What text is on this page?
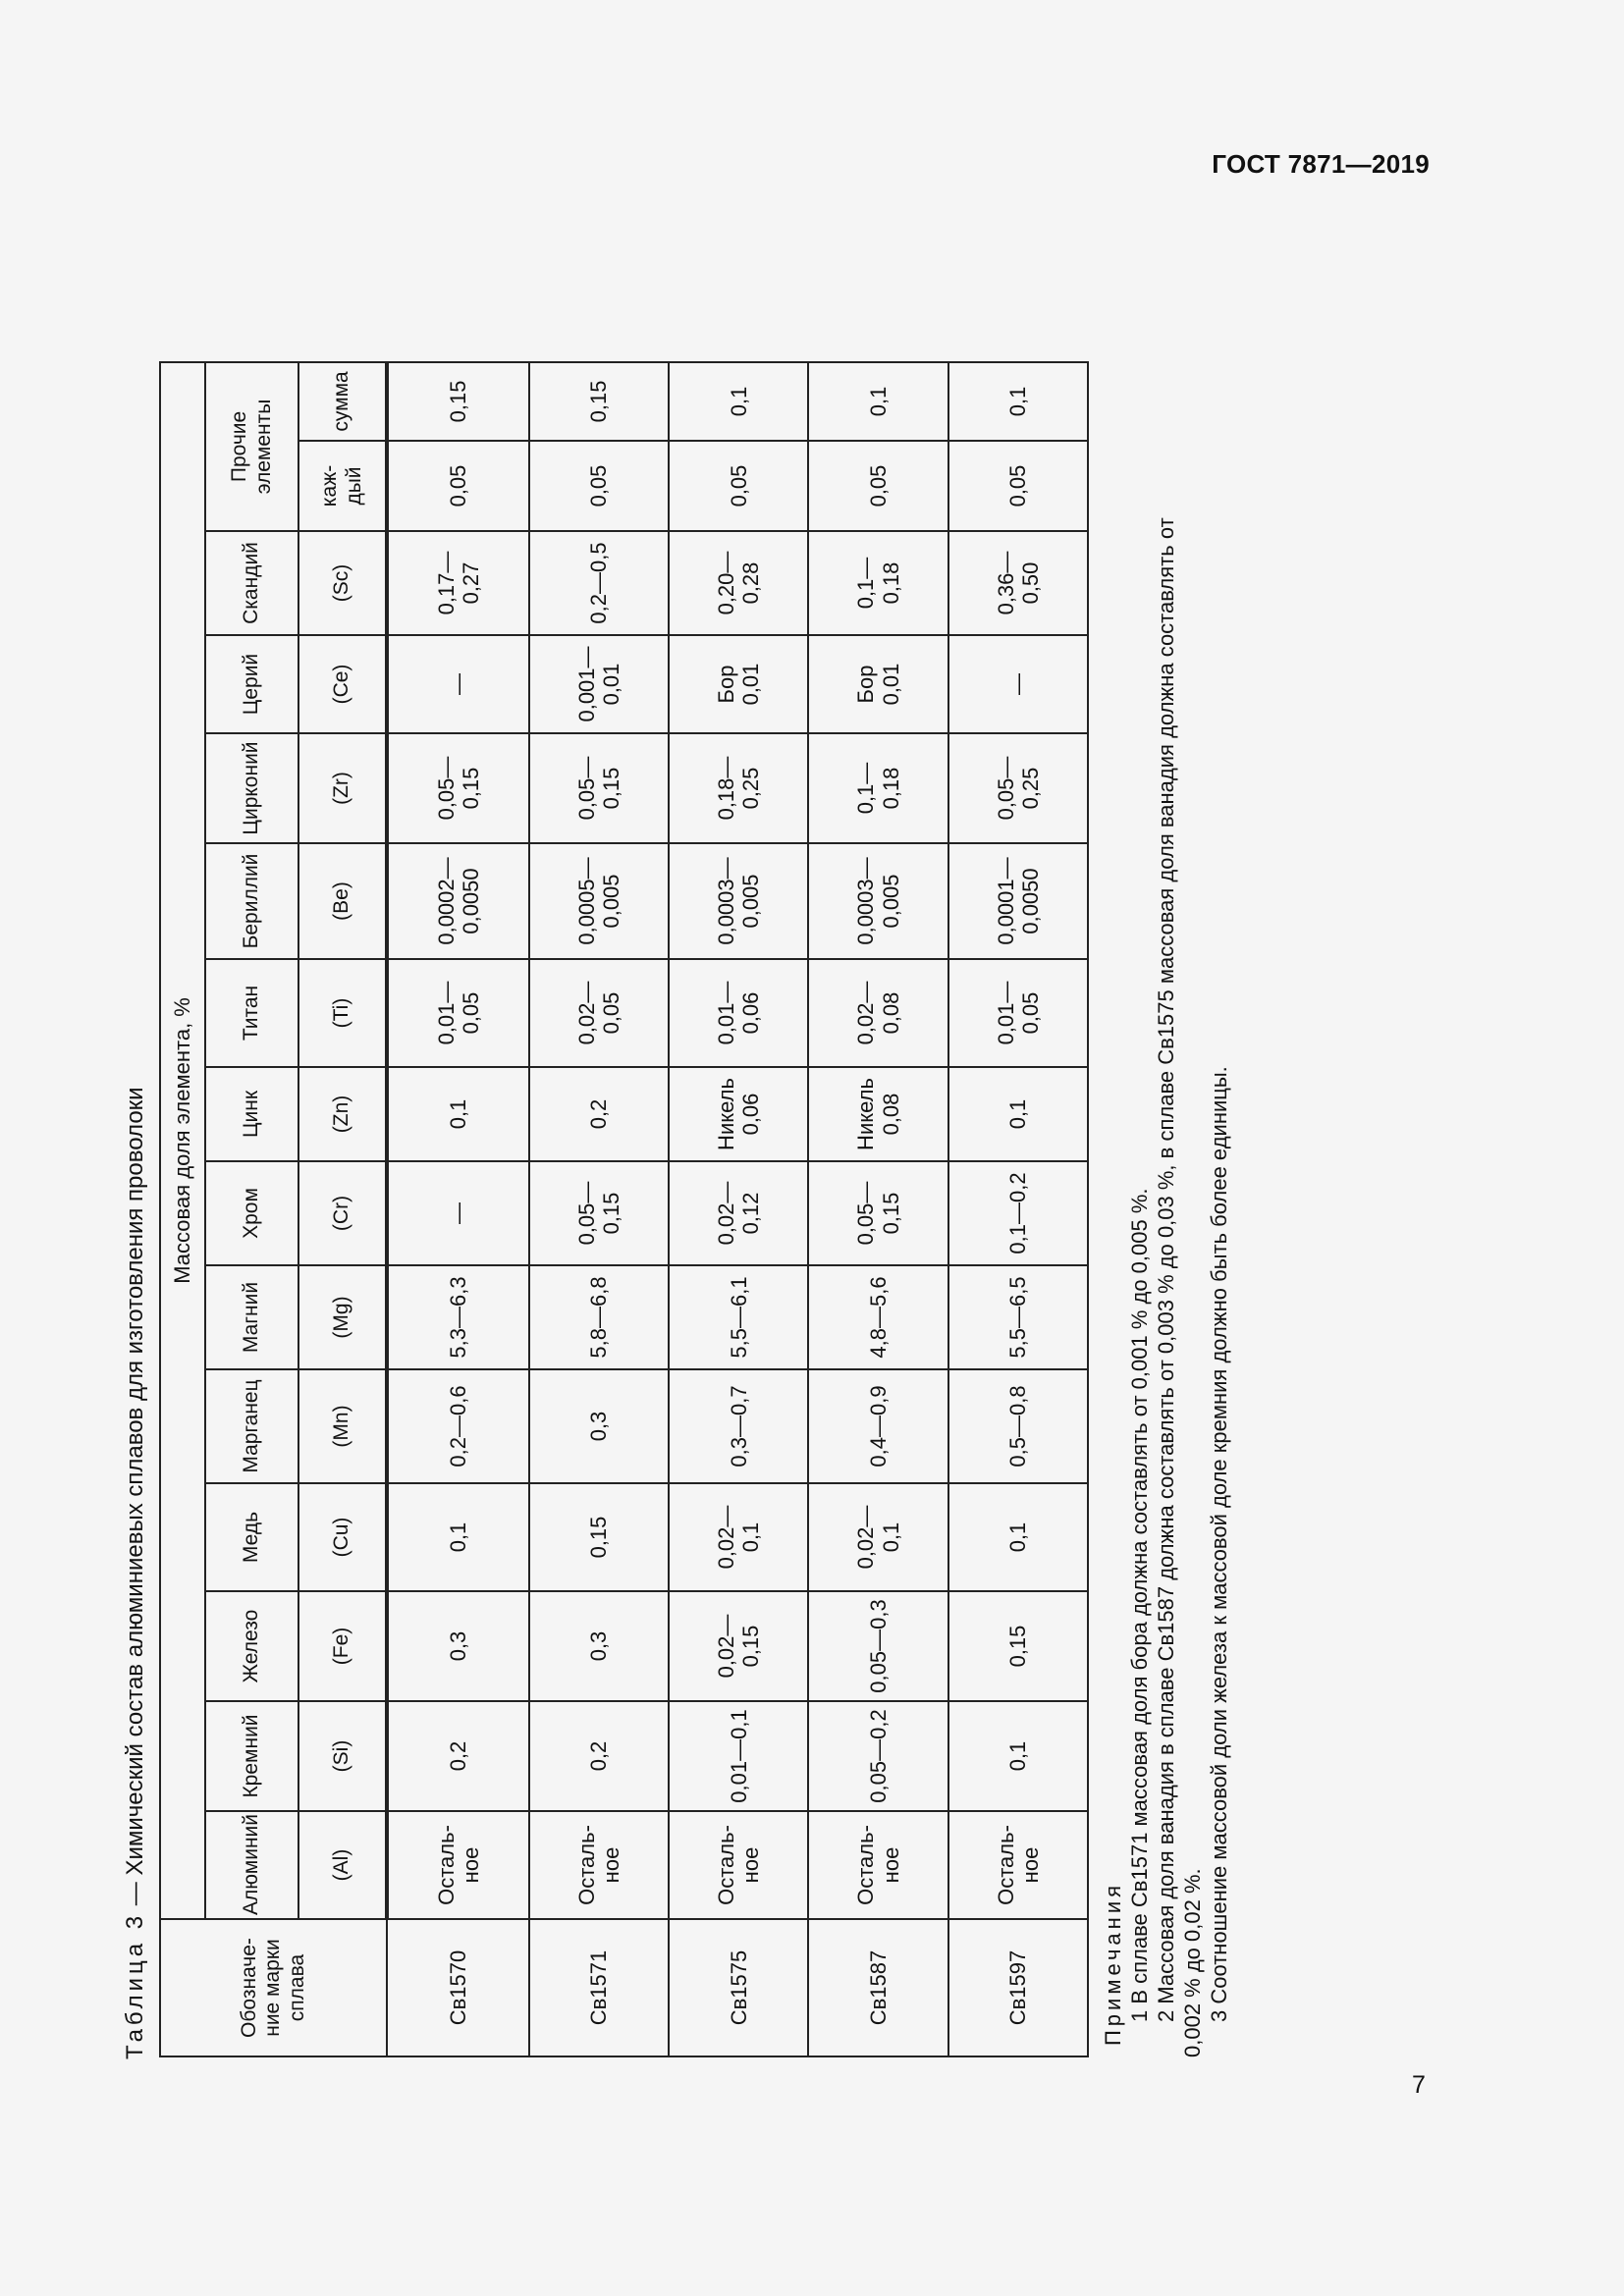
ГОСТ 7871—2019
Таблица 3 — Химический состав алюминиевых сплавов для изготовления проволоки
Обозначе-
ние марки
сплава	Массовая доля элемента, %														
	Алюминий	Кремний	Железо	Медь	Марганец	Магний	Хром	Цинк	Титан	Бериллий	Цирконий	Церий	Скандий	Прочие
элементы	
	(Al)	(Si)	(Fe)	(Cu)	(Mn)	(Mg)	(Cr)	(Zn)	(Ti)	(Be)	(Zr)	(Ce)	(Sc)	каж-
дый	сумма
Св1570	Осталь-
ное	0,2	0,3	0,1	0,2—0,6	5,3—6,3	—	0,1	0,01—
0,05	0,0002—
0,0050	0,05—
0,15	—	0,17—
0,27	0,05	0,15
Св1571	Осталь-
ное	0,2	0,3	0,15	0,3	5,8—6,8	0,05—
0,15	0,2	0,02—
0,05	0,0005—
0,005	0,05—
0,15	0,001—
0,01	0,2—0,5	0,05	0,15
Св1575	Осталь-
ное	0,01—0,1	0,02—
0,15	0,02—
0,1	0,3—0,7	5,5—6,1	0,02—
0,12	Никель
0,06	0,01—
0,06	0,0003—
0,005	0,18—
0,25	Бор
0,01	0,20—
0,28	0,05	0,1
Св1587	Осталь-
ное	0,05—0,2	0,05—0,3	0,02—
0,1	0,4—0,9	4,8—5,6	0,05—
0,15	Никель
0,08	0,02—
0,08	0,0003—
0,005	0,1—
0,18	Бор
0,01	0,1—
0,18	0,05	0,1
Св1597	Осталь-
ное	0,1	0,15	0,1	0,5—0,8	5,5—6,5	0,1—0,2	0,1	0,01—
0,05	0,0001—
0,0050	0,05—
0,25	—	0,36—
0,50	0,05	0,1
Примечания 1 В сплаве Св1571 массовая доля бора должна составлять от 0,001 % до 0,005 %. 2 Массовая доля ванадия в сплаве Св1587 должна составлять от 0,003 % до 0,03 %, в сплаве Св1575 массовая доля ванадия должна составлять от 0,002 % до 0,02 %. 3 Соотношение массовой доли железа к массовой доле кремния должно быть более единицы.
7
